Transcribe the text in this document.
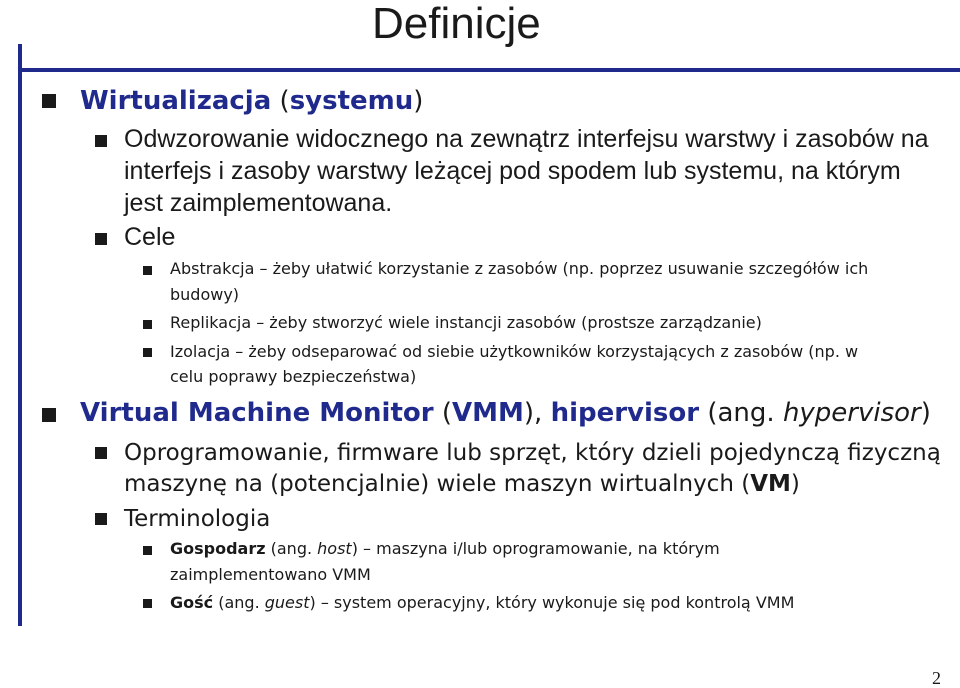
Definicje
Wirtualizacja (systemu)
Odwzorowanie widocznego na zewnątrz interfejsu warstwy i zasobów na
interfejs i zasoby warstwy leżącej pod spodem lub systemu, na którym
jest zaimplementowana.
Cele
Abstrakcja – żeby ułatwić korzystanie z zasobów (np. poprzez usuwanie szczegółów ich
budowy)
Replikacja – żeby stworzyć wiele instancji zasobów (prostsze zarządzanie)
Izolacja – żeby odseparować od siebie użytkowników korzystających z zasobów (np. w
celu poprawy bezpieczeństwa)
Virtual Machine Monitor (VMM), hipervisor (ang. hypervisor)
Oprogramowanie, firmware lub sprzęt, który dzieli pojedynczą fizyczną
maszynę na (potencjalnie) wiele maszyn wirtualnych (VM)
Terminologia
Gospodarz (ang. host) – maszyna i/lub oprogramowanie, na którym
zaimplementowano VMM
Gość (ang. guest) – system operacyjny, który wykonuje się pod kontrolą VMM
2
